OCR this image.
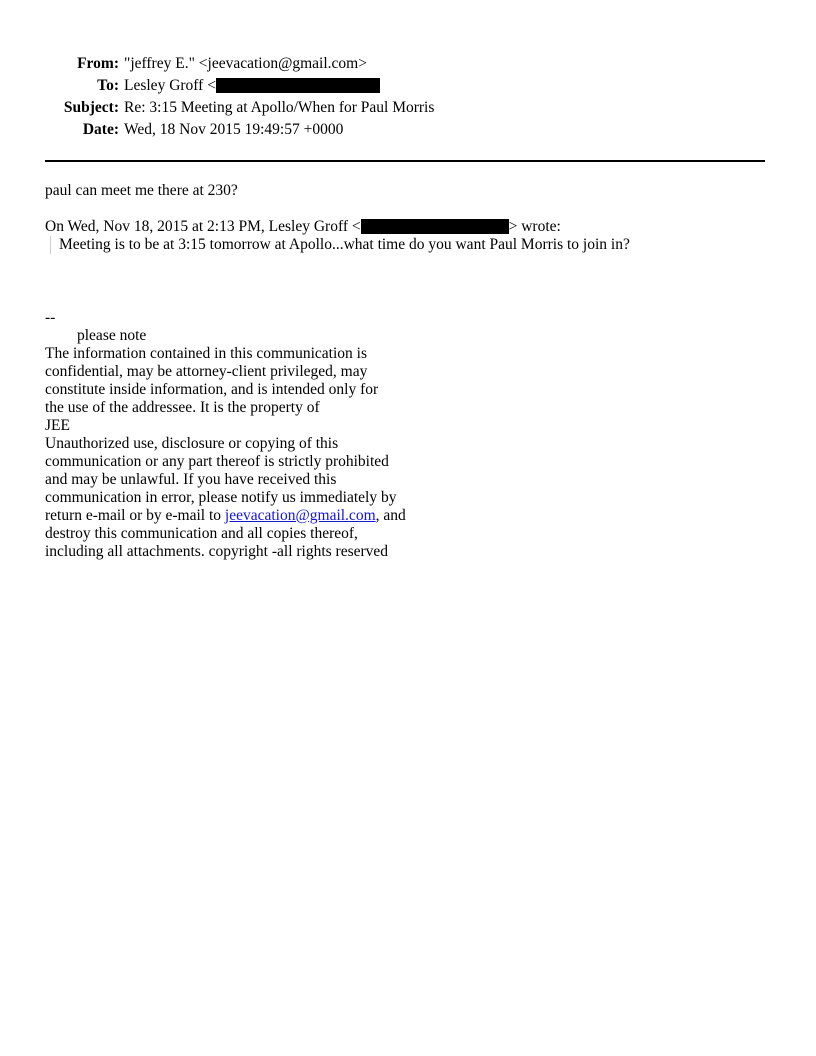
From: "jeffrey E." <jeevacation@gmail.com>
To: Lesley Groff <
Subject: Re: 3:15 Meeting at Apollo/When for Paul Morris
Date: Wed, 18 Nov 2015 19:49:57 +0000
paul can meet me there at 230?
On Wed, Nov 18, 2015 at 2:13 PM, Lesley Groff <	> wrote:
Meeting is to be at 3:15 tomorrow at Apollo...what time do you want Paul Morris to join in?
--
please note
The information contained in this communication is
confidential, may be attorney-client privileged, may
constitute inside information, and is intended only for
the use of the addressee. It is the property of
JEE
Unauthorized use, disclosure or copying of this
communication or any part thereof is strictly prohibited
and may be unlawful. If you have received this
communication in error, please notify us immediately by
return e-mail or by e-mail to jeevacation@gmail.com, and
destroy this communication and all copies thereof,
including all attachments. copyright -all rights reserved
